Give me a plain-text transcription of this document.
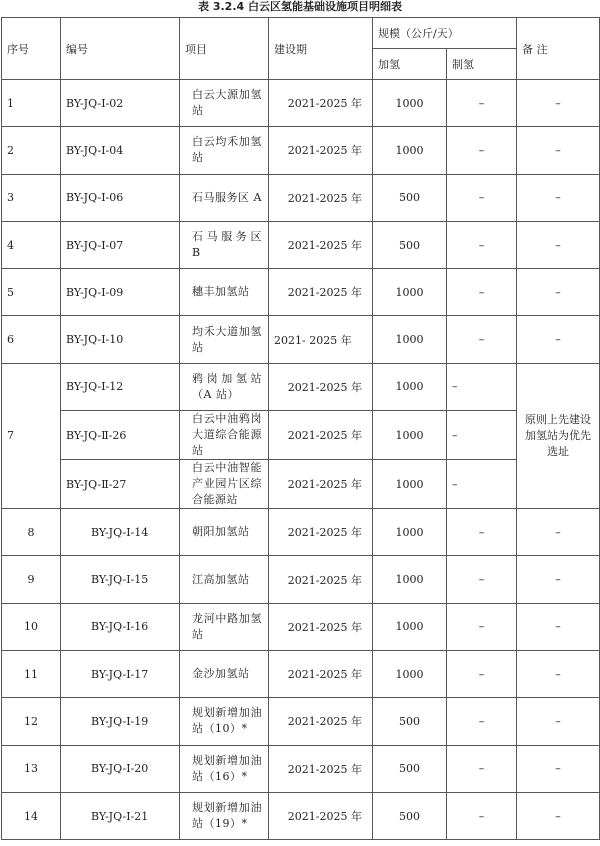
表 3.2.4 白云区氢能基础设施项目明细表
序号	编号	项目	建设期	规模（公斤/天）		备 注
				加氢	制氢	
1	BY-JQ-Ⅰ-02	白云大源加氢站	2021-2025 年	1000	–	–
2	BY-JQ-Ⅰ-04	白云均禾加氢站	2021-2025 年	1000	–	–
3	BY-JQ-Ⅰ-06	石马服务区 A	2021-2025 年	500	–	–
4	BY-JQ-Ⅰ-07	石马服务区 B	2021-2025 年	500	–	–
5	BY-JQ-Ⅰ-09	穗丰加氢站	2021-2025 年	1000	–	–
6	BY-JQ-Ⅰ-10	均禾大道加氢站	2021- 2025 年	1000	–	–
7	BY-JQ-Ⅰ-12	鸦岗加氢站（A 站）	2021-2025 年	1000	–	原则上先建设加氢站为优先选址
	BY-JQ-Ⅱ-26	白云中油鸦岗大道综合能源站	2021-2025 年	1000	–	
	BY-JQ-Ⅱ-27	白云中油智能产业园片区综合能源站	2021-2025 年	1000	–	
8	BY-JQ-Ⅰ-14	朝阳加氢站	2021-2025 年	1000	–	–
9	BY-JQ-Ⅰ-15	江高加氢站	2021-2025 年	1000	–	–
10	BY-JQ-Ⅰ-16	龙河中路加氢站	2021-2025 年	1000	–	–
11	BY-JQ-Ⅰ-17	金沙加氢站	2021-2025 年	1000	–	–
12	BY-JQ-Ⅰ-19	规划新增加油站（10）*	2021-2025 年	500	–	–
13	BY-JQ-Ⅰ-20	规划新增加油站（16）*	2021-2025 年	500	–	–
14	BY-JQ-Ⅰ-21	规划新增加油站（19）*	2021-2025 年	500	–	–
